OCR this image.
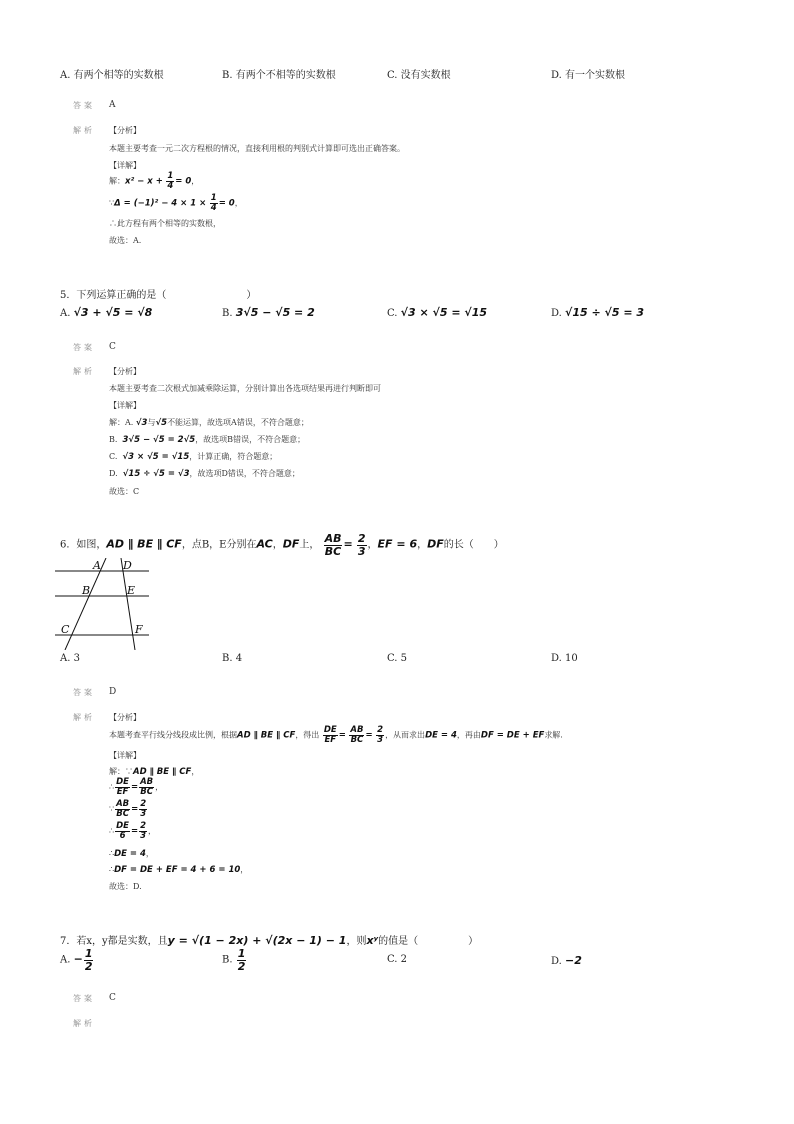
A. 有两个相等的实数根	B. 有两个不相等的实数根	C. 没有实数根	D. 有一个实数根
答案 A
解析 【分析】
本题主要考查一元二次方程根的情况，直接利用根的判别式计算即可选出正确答案。
【详解】
解：$x^2 - x + \frac{1}{4} = 0$，
∵Δ = $(-1)^2 - 4 \times 1 \times \frac{1}{4} = 0$，
∴此方程有两个相等的实数根，
故选：A.
5．下列运算正确的是（　　　　　　　　）
A. √3 + √5 = √8	B. 3√5 − √5 = 2	C. √3 × √5 = √15	D. √15 ÷ √5 = 3
答案 C
解析 【分析】
本题主要考查二次根式加减乘除运算，分别计算出各选项结果再进行判断即可
【详解】
解：A. √3与√5不能运算，故选项A错误，不符合题意；
B. 3√5 − √5 = 2√5，故选项B错误，不符合题意；
C. √3 × √5 = √15，计算正确，符合题意；
D. √15 ÷ √5 = √3，故选项D错误，不符合题意；
故选：C
6．如图，AD ∥ BE ∥ CF，点B，E分别在AC，DF上， $\frac{AB}{BC} = \frac{2}{3}$ ，EF = 6，DF的长（　　）
A D
B	E
C	F
A. 3	B. 4	C. 5	D. 10
答案 D
解析 【分析】
本题考查平行线分线段成比例，根据AD ∥ BE ∥ CF，得出 $\frac{DE}{EF} = \frac{AB}{BC} = \frac{2}{3}$ ，从而求出DE = 4，再由DF = DE + EF求解.
【详解】
解：∵AD ∥ BE ∥ CF，
∴ $\frac{DE}{EF} = \frac{AB}{BC}$ ，
∵ $\frac{AB}{BC} = \frac{2}{3}$
∴ $\frac{DE}{6} = \frac{2}{3}$ ，
∴DE = 4，
∴DF = DE + EF = 4 + 6 = 10，
故选：D.
7．若x，y都是实数，且y = √(1 − 2x) + √(2x − 1) − 1，则xʸ的值是（　　　　　）
A. − $\frac{1}{2}$	B. $\frac{1}{2}$	C. 2	D. −2
答案 C
解析
